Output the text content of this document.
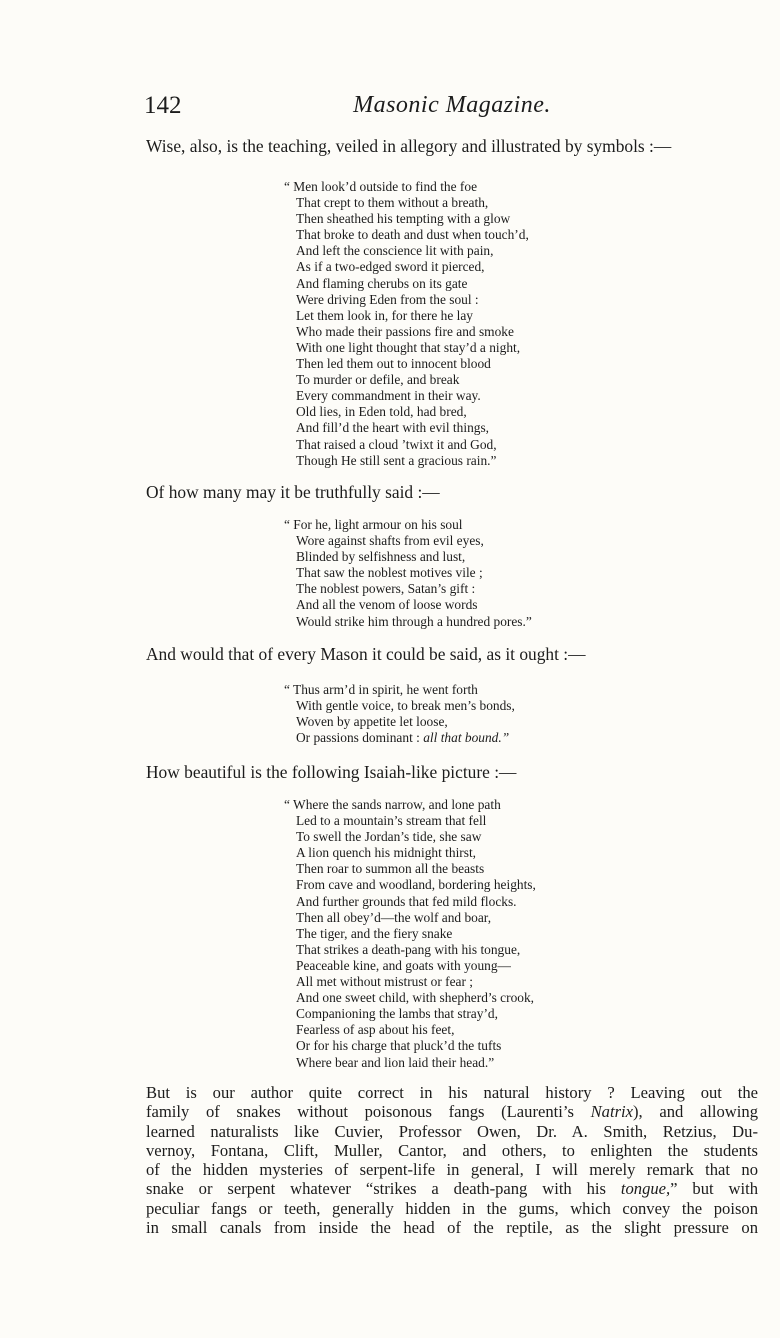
142	Masonic Magazine.
Wise, also, is the teaching, veiled in allegory and illustrated by symbols :—
“ Men look’d outside to find the foe
That crept to them without a breath,
Then sheathed his tempting with a glow
That broke to death and dust when touch’d,
And left the conscience lit with pain,
As if a two-edged sword it pierced,
And flaming cherubs on its gate
Were driving Eden from the soul :
Let them look in, for there he lay
Who made their passions fire and smoke
With one light thought that stay’d a night,
Then led them out to innocent blood
To murder or defile, and break
Every commandment in their way.
Old lies, in Eden told, had bred,
And fill’d the heart with evil things,
That raised a cloud ’twixt it and God,
Though He still sent a gracious rain.”
Of how many may it be truthfully said :—
“ For he, light armour on his soul
Wore against shafts from evil eyes,
Blinded by selfishness and lust,
That saw the noblest motives vile ;
The noblest powers, Satan’s gift :
And all the venom of loose words
Would strike him through a hundred pores.”
And would that of every Mason it could be said, as it ought :—
“ Thus arm’d in spirit, he went forth
With gentle voice, to break men’s bonds,
Woven by appetite let loose,
Or passions dominant : all that bound.”
How beautiful is the following Isaiah-like picture :—
“ Where the sands narrow, and lone path
Led to a mountain’s stream that fell
To swell the Jordan’s tide, she saw
A lion quench his midnight thirst,
Then roar to summon all the beasts
From cave and woodland, bordering heights,
And further grounds that fed mild flocks.
Then all obey’d—the wolf and boar,
The tiger, and the fiery snake
That strikes a death-pang with his tongue,
Peaceable kine, and goats with young—
All met without mistrust or fear ;
And one sweet child, with shepherd’s crook,
Companioning the lambs that stray’d,
Fearless of asp about his feet,
Or for his charge that pluck’d the tufts
Where bear and lion laid their head.”
But is our author quite correct in his natural history ? Leaving out the
family of snakes without poisonous fangs (Laurenti’s Natrix), and allowing
learned naturalists like Cuvier, Professor Owen, Dr. A. Smith, Retzius, Du-
vernoy, Fontana, Clift, Muller, Cantor, and others, to enlighten the students
of the hidden mysteries of serpent-life in general, I will merely remark that no
snake or serpent whatever “strikes a death-pang with his tongue,” but with
peculiar fangs or teeth, generally hidden in the gums, which convey the poison
in small canals from inside the head of the reptile, as the slight pressure on
